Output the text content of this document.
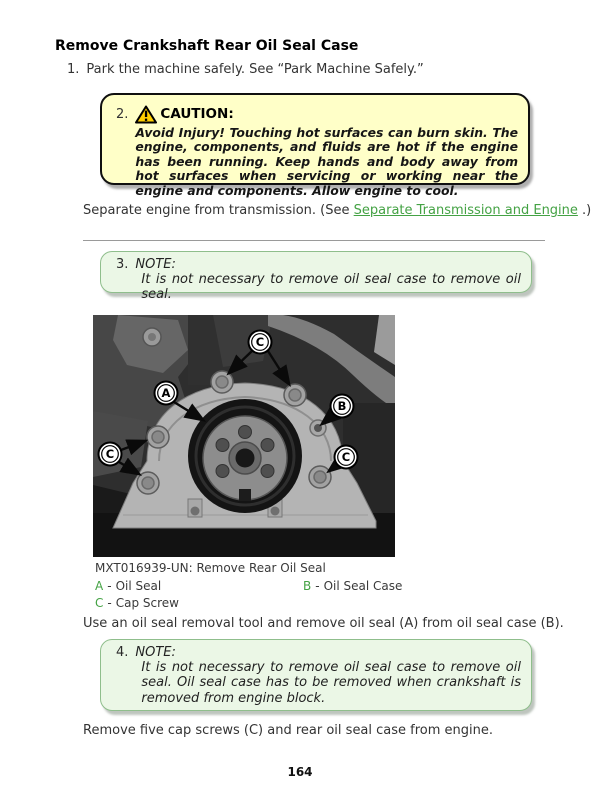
Remove Crankshaft Rear Oil Seal Case
1. Park the machine safely. See “Park Machine Safely.”
2. CAUTION:
Avoid Injury! Touching hot surfaces can burn skin. The engine, components, and fluids are hot if the engine has been running. Keep hands and body away from hot surfaces when servicing or working near the engine and components. Allow engine to cool.
Separate engine from transmission. (See Separate Transmission and Engine .)
3. NOTE:
It is not necessary to remove oil seal case to remove oil seal.
C
A
B
C	C
MXT016939-UN: Remove Rear Oil Seal
A - Oil Seal	B - Oil Seal Case
C - Cap Screw
Use an oil seal removal tool and remove oil seal (A) from oil seal case (B).
4. NOTE:
It is not necessary to remove oil seal case to remove oil seal. Oil seal case has to be removed when crankshaft is removed from engine block.
Remove five cap screws (C) and rear oil seal case from engine.
164
